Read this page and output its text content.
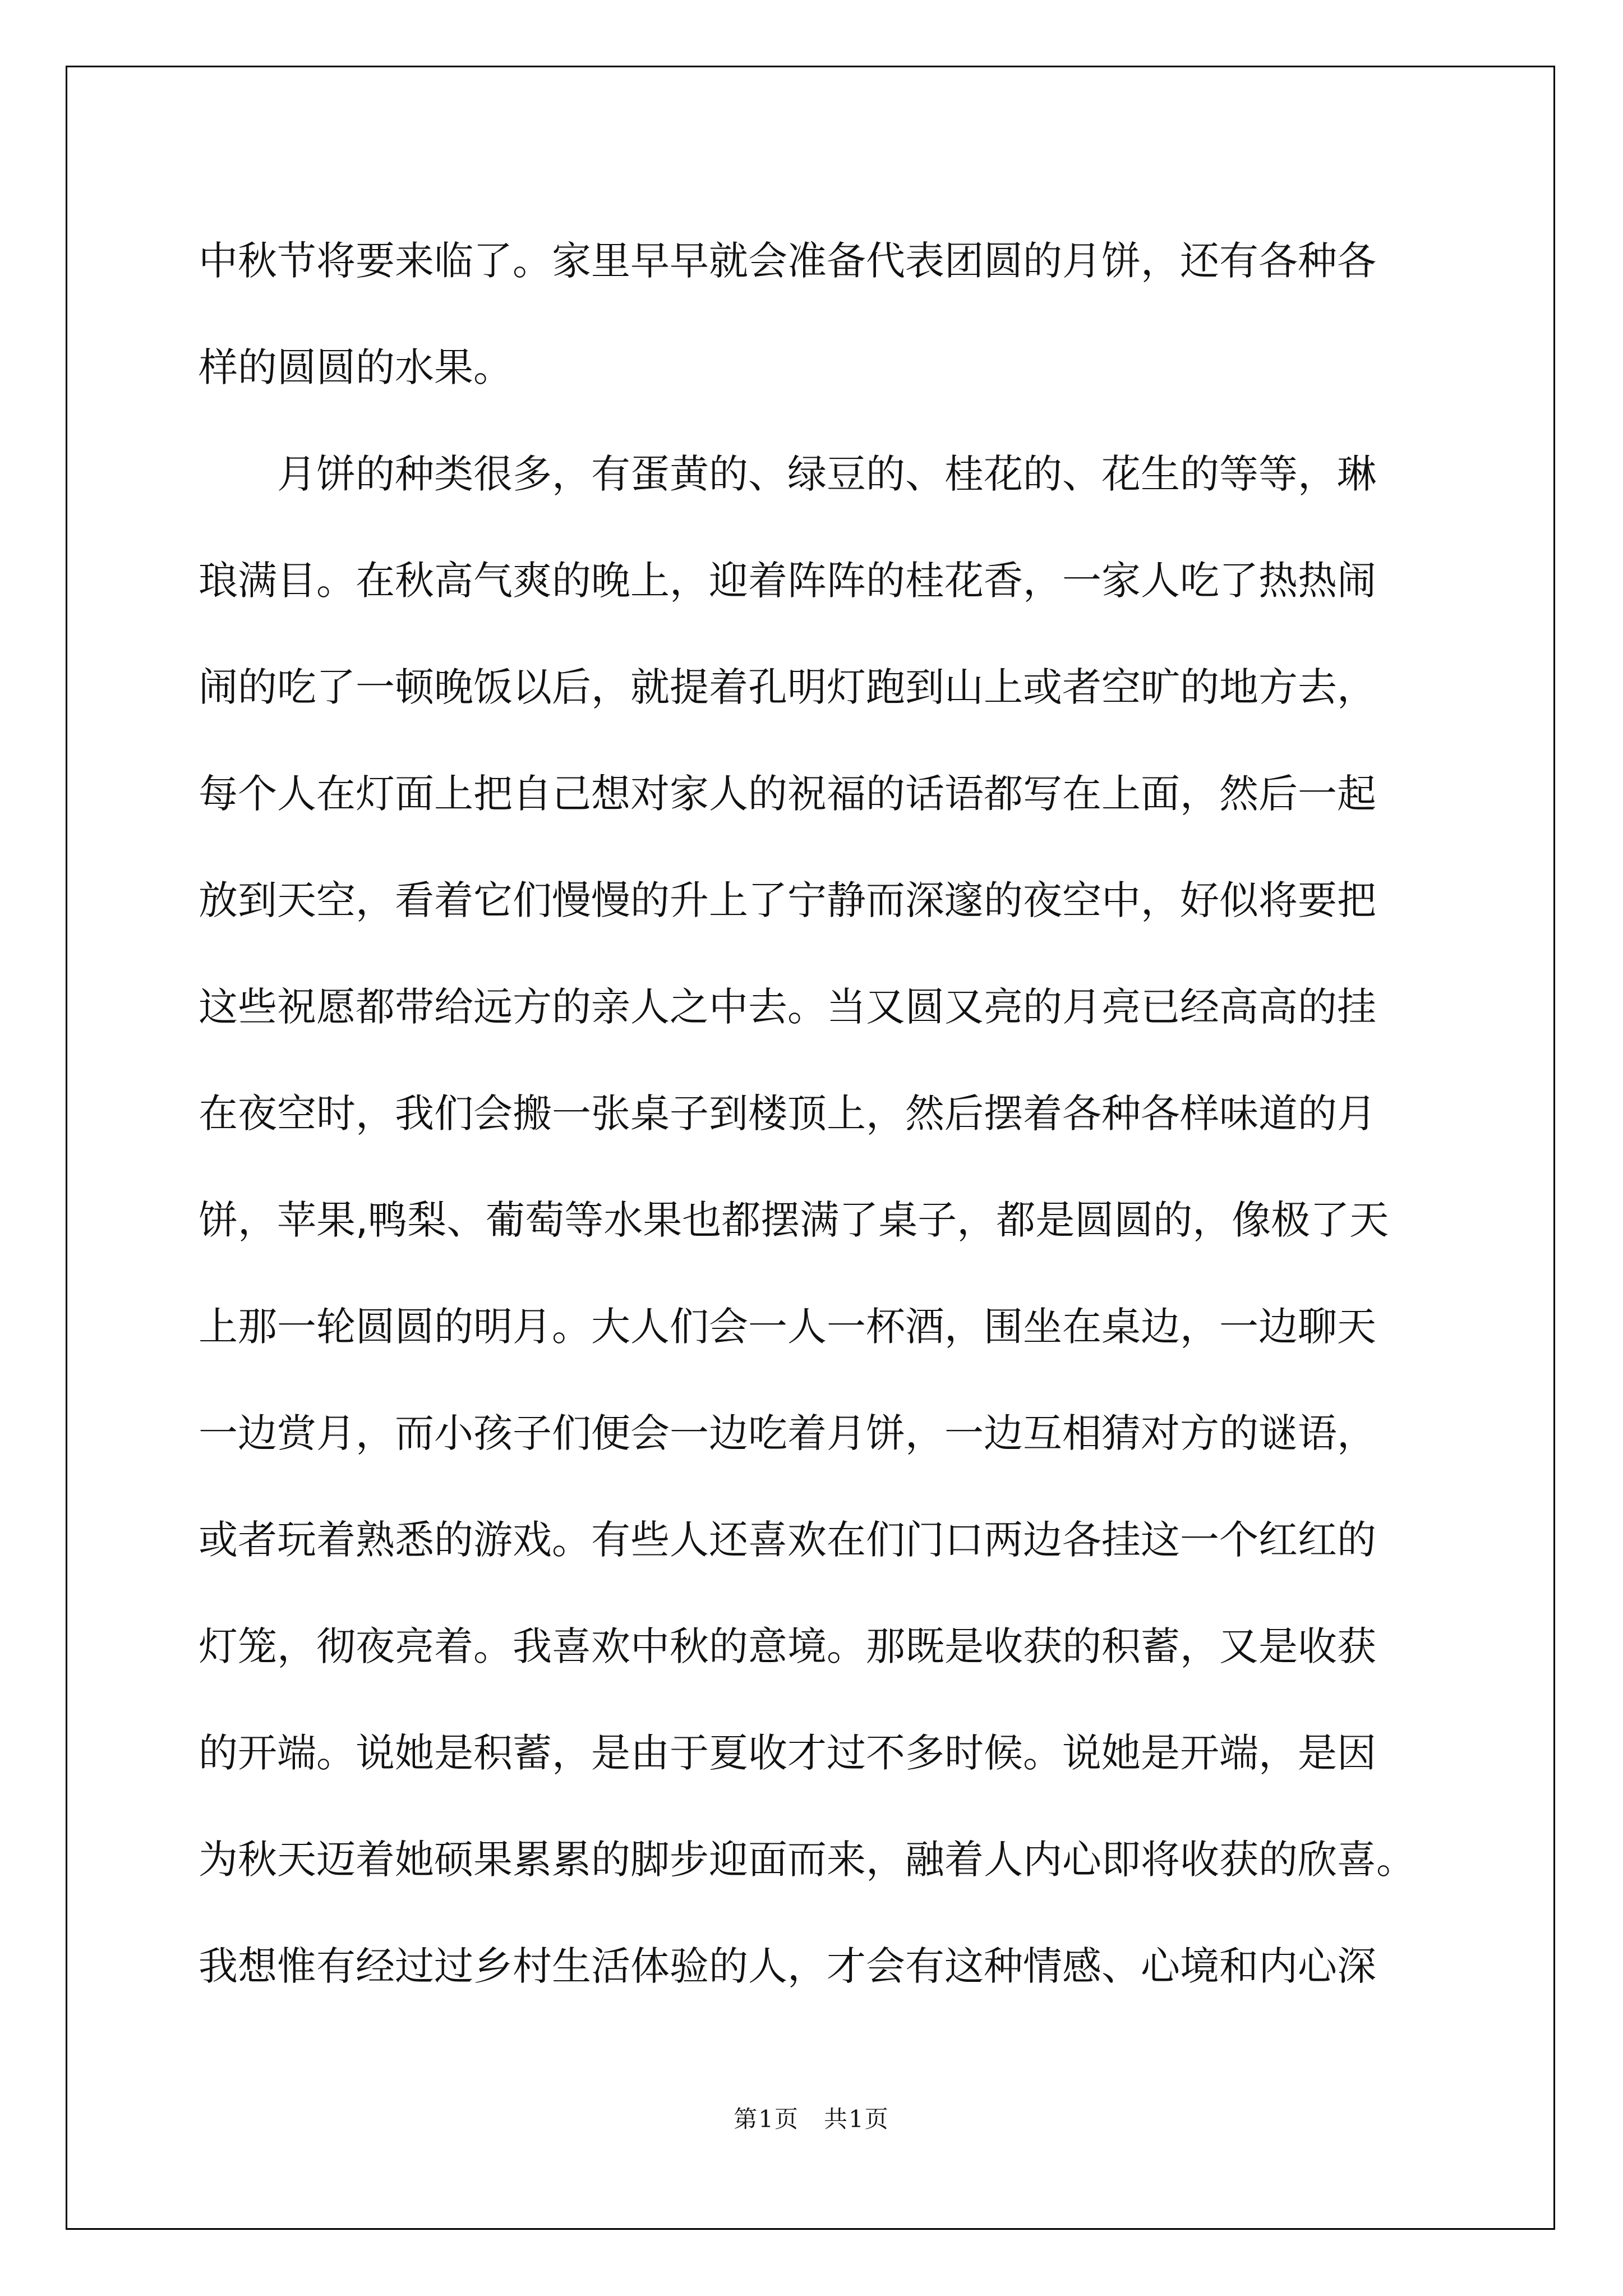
中秋节将要来临了。家里早早就会准备代表团圆的月饼，还有各种各
样的圆圆的水果。
月饼的种类很多，有蛋黄的、绿豆的、桂花的、花生的等等，琳
琅满目。在秋高气爽的晚上，迎着阵阵的桂花香，一家人吃了热热闹
闹的吃了一顿晚饭以后，就提着孔明灯跑到山上或者空旷的地方去，
每个人在灯面上把自己想对家人的祝福的话语都写在上面，然后一起
放到天空，看着它们慢慢的升上了宁静而深邃的夜空中，好似将要把
这些祝愿都带给远方的亲人之中去。当又圆又亮的月亮已经高高的挂
在夜空时，我们会搬一张桌子到楼顶上，然后摆着各种各样味道的月
饼，苹果,鸭梨、葡萄等水果也都摆满了桌子，都是圆圆的，像极了天
上那一轮圆圆的明月。大人们会一人一杯酒，围坐在桌边，一边聊天
一边赏月，而小孩子们便会一边吃着月饼，一边互相猜对方的谜语，
或者玩着熟悉的游戏。有些人还喜欢在们门口两边各挂这一个红红的
灯笼，彻夜亮着。我喜欢中秋的意境。那既是收获的积蓄，又是收获
的开端。说她是积蓄，是由于夏收才过不多时候。说她是开端，是因
为秋天迈着她硕果累累的脚步迎面而来，融着人内心即将收获的欣喜。
我想惟有经过过乡村生活体验的人，才会有这种情感、心境和内心深
第1页　共1页
